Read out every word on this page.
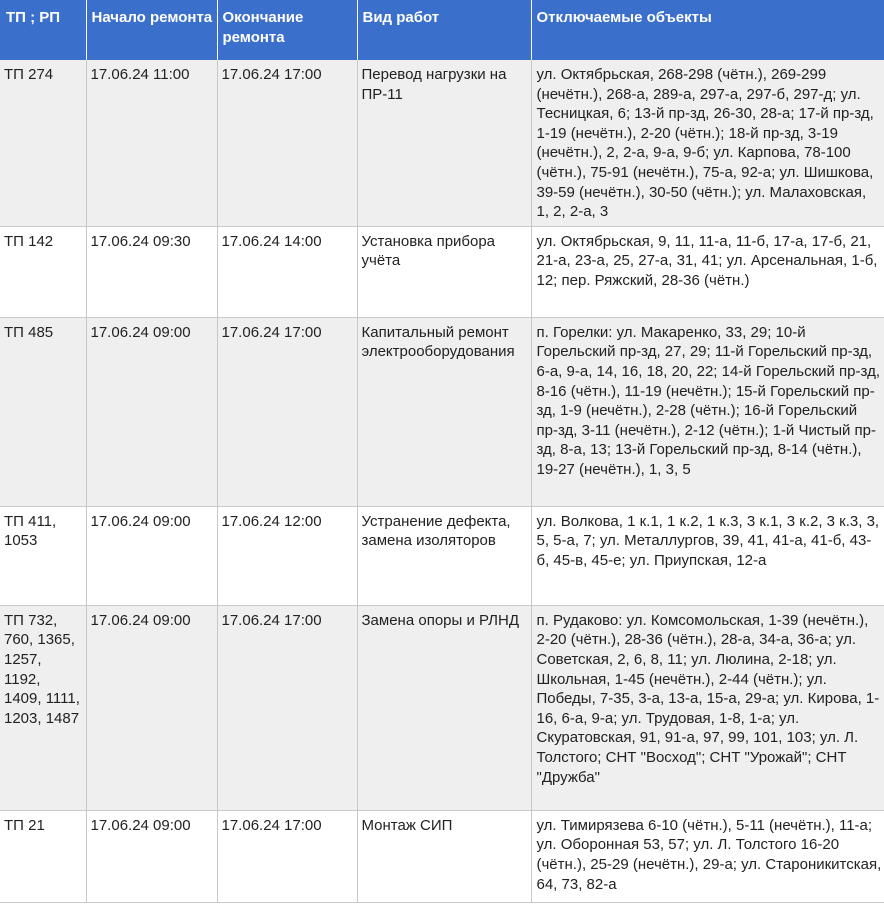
ТП ; РП	Начало ремонта	Окончание ремонта	Вид работ	Отключаемые объекты
ТП 274	17.06.24 11:00	17.06.24 17:00	Перевод нагрузки на ПР-11	ул. Октябрьская, 268-298 (чётн.), 269-299 (нечётн.), 268-а, 289-а, 297-а, 297-б, 297-д; ул. Тесницкая, 6; 13-й пр-зд, 26-30, 28-а; 17-й пр-зд, 1-19 (нечётн.), 2-20 (чётн.); 18-й пр-зд, 3-19 (нечётн.), 2, 2-а, 9-а, 9-б; ул. Карпова, 78-100 (чётн.), 75-91 (нечётн.), 75-а, 92-а; ул. Шишкова, 39-59 (нечётн.), 30-50 (чётн.); ул. Малаховская, 1, 2, 2-а, 3
ТП 142	17.06.24 09:30	17.06.24 14:00	Установка прибора учёта	ул. Октябрьская, 9, 11, 11-а, 11-б, 17-а, 17-б, 21, 21-а, 23-а, 25, 27-а, 31, 41; ул. Арсенальная, 1-б, 12; пер. Ряжский, 28-36 (чётн.)
ТП 485	17.06.24 09:00	17.06.24 17:00	Капитальный ремонт электрооборудования	п. Горелки: ул. Макаренко, 33, 29; 10-й Горельский пр-зд, 27, 29; 11-й Горельский пр-зд, 6-а, 9-а, 14, 16, 18, 20, 22; 14-й Горельский пр-зд, 8-16 (чётн.), 11-19 (нечётн.); 15-й Горельский пр-зд, 1-9 (нечётн.), 2-28 (чётн.); 16-й Горельский пр-зд, 3-11 (нечётн.), 2-12 (чётн.); 1-й Чистый пр-зд, 8-а, 13; 13-й Горельский пр-зд, 8-14 (чётн.), 19-27 (нечётн.), 1, 3, 5
ТП 411, 1053	17.06.24 09:00	17.06.24 12:00	Устранение дефекта, замена изоляторов	ул. Волкова, 1 к.1, 1 к.2, 1 к.3, 3 к.1, 3 к.2, 3 к.3, 3, 5, 5-а, 7; ул. Металлургов, 39, 41, 41-а, 41-б, 43-б, 45-в, 45-е; ул. Приупская, 12-а
ТП 732, 760, 1365, 1257, 1192, 1409, 1111, 1203, 1487	17.06.24 09:00	17.06.24 17:00	Замена опоры и РЛНД	п. Рудаково: ул. Комсомольская, 1-39 (нечётн.), 2-20 (чётн.), 28-36 (чётн.), 28-а, 34-а, 36-а; ул. Советская, 2, 6, 8, 11; ул. Люлина, 2-18; ул. Школьная, 1-45 (нечётн.), 2-44 (чётн.); ул. Победы, 7-35, 3-а, 13-а, 15-а, 29-а; ул. Кирова, 1-16, 6-а, 9-а; ул. Трудовая, 1-8, 1-а; ул. Скуратовская, 91, 91-а, 97, 99, 101, 103; ул. Л. Толстого; СНТ "Восход"; СНТ "Урожай"; СНТ "Дружба"
ТП 21	17.06.24 09:00	17.06.24 17:00	Монтаж СИП	ул. Тимирязева 6-10 (чётн.), 5-11 (нечётн.), 11-а; ул. Оборонная 53, 57; ул. Л. Толстого 16-20 (чётн.), 25-29 (нечётн.), 29-а; ул. Староникитская, 64, 73, 82-а
